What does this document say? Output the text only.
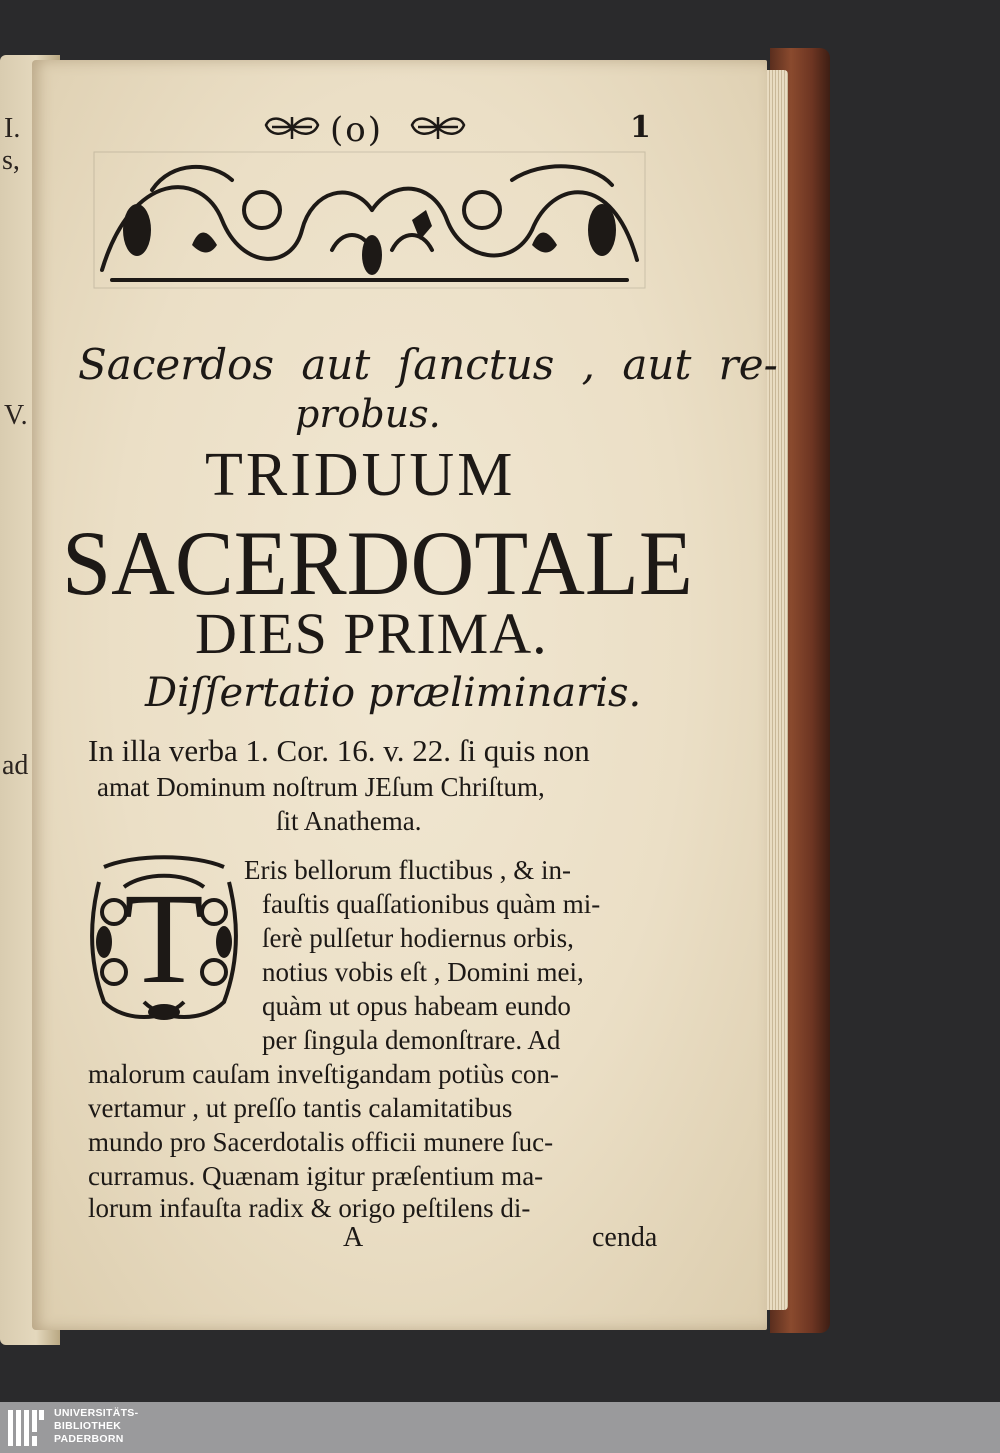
I.
s,
V.
ad

(o)	1

Sacerdos aut ſanctus , aut re-

probus.

TRIDUUM

SACERDOTALE

DIES PRIMA.

Diſſertatio præliminaris.

In illa verba 1. Cor. 16. v. 22. ſi quis non

amat Dominum noſtrum JEſum Chriſtum,

ſit Anathema.

T Eris bellorum fluctibus , & in-

fauſtis quaſſationibus quàm mi-

ſerè pulſetur hodiernus orbis,

notius vobis eſt , Domini mei,

quàm ut opus habeam eundo

per ſingula demonſtrare. Ad

malorum cauſam inveſtigandam potiùs con-

vertamur , ut preſſo tantis calamitatibus

mundo pro Sacerdotalis officii munere ſuc-

curramus. Quænam igitur præſentium ma-

lorum infauſta radix & origo peſtilens di-

A	cenda

UNIVERSITÄTS-
BIBLIOTHEK
PADERBORN
